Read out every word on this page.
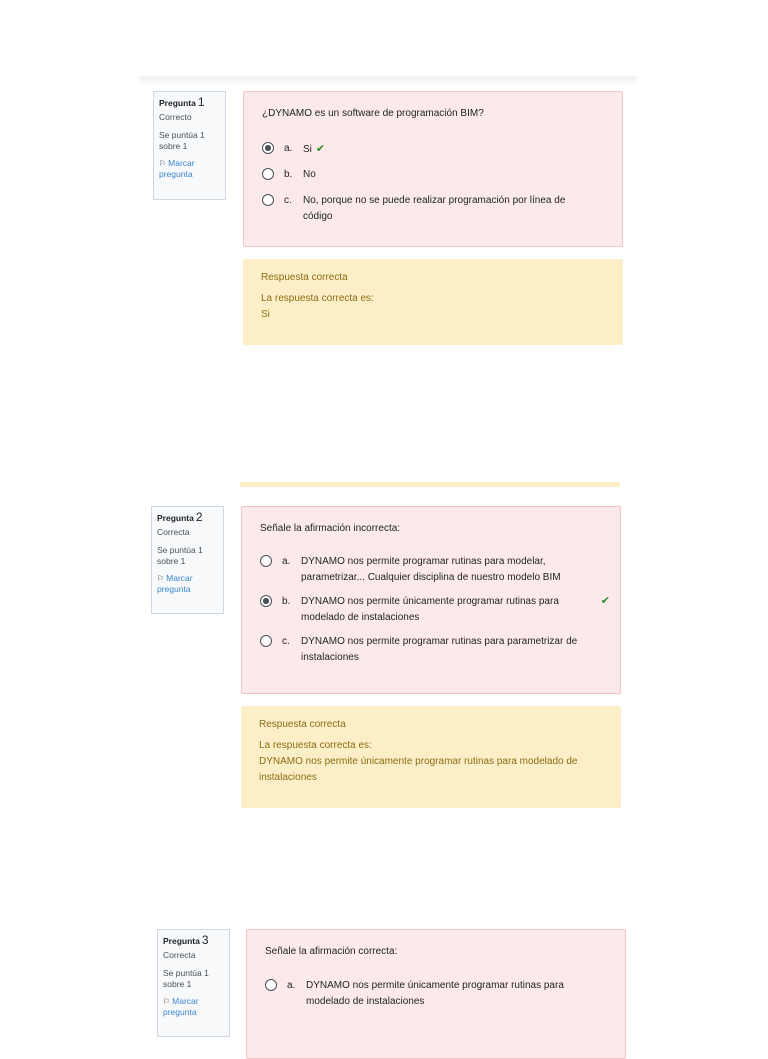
Pregunta 1
Correcto
Se puntúa 1 sobre 1
⚐ Marcar pregunta
¿DYNAMO es un software de programación BIM?
a. Si ✔
b. No
c. No, porque no se puede realizar programación por línea de código
Respuesta correcta
La respuesta correcta es:
Si
Pregunta 2
Correcta
Se puntúa 1 sobre 1
⚐ Marcar pregunta
Señale la afirmación incorrecta:
a. DYNAMO nos permite programar rutinas para modelar, parametrizar... Cualquier disciplina de nuestro modelo BIM
b. DYNAMO nos permite únicamente programar rutinas para modelado de instalaciones
✔
c. DYNAMO nos permite programar rutinas para parametrizar de instalaciones
Respuesta correcta
La respuesta correcta es:
DYNAMO nos permite únicamente programar rutinas para modelado de instalaciones
Pregunta 3
Correcta
Se puntúa 1 sobre 1
⚐ Marcar pregunta
Señale la afirmación correcta:
a. DYNAMO nos permite únicamente programar rutinas para modelado de instalaciones
